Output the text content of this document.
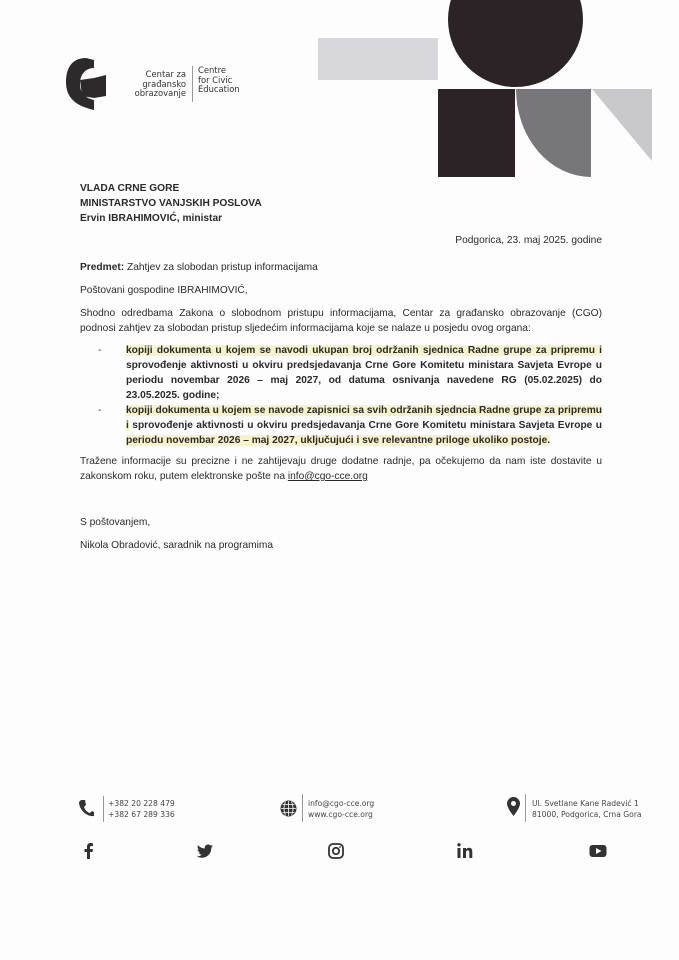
Centar za
građansko
obrazovanje
Centre
for Civic
Education
VLADA CRNE GORE
MINISTARSTVO VANJSKIH POSLOVA
Ervin IBRAHIMOVIĆ, ministar
Podgorica, 23. maj 2025. godine
Predmet: Zahtjev za slobodan pristup informacijama
Poštovani gospodine IBRAHIMOVIĆ,
Shodno odredbama Zakona o slobodnom pristupu informacijama, Centar za građansko obrazovanje (CGO) podnosi zahtjev za slobodan pristup sljedećim informacijama koje se nalaze u posjedu ovog organa:
- kopiji dokumenta u kojem se navodi ukupan broj održanih sjednica Radne grupe za pripremu i sprovođenje aktivnosti u okviru predsjedavanja Crne Gore Komitetu ministara Savjeta Evrope u periodu novembar 2026 – maj 2027, od datuma osnivanja navedene RG (05.02.2025) do 23.05.2025. godine;
- kopiji dokumenta u kojem se navode zapisnici sa svih održanih sjedncia Radne grupe za pripremu i sprovođenje aktivnosti u okviru predsjedavanja Crne Gore Komitetu ministara Savjeta Evrope u periodu novembar 2026 – maj 2027, uključujući i sve relevantne priloge ukoliko postoje.
Tražene informacije su precizne i ne zahtijevaju druge dodatne radnje, pa očekujemo da nam iste dostavite u zakonskom roku, putem elektronske pošte na info@cgo-cce.org
S poštovanjem,
Nikola Obradović, saradnik na programima
+382 20 228 479
+382 67 289 336
info@cgo-cce.org
www.cgo-cce.org
Ul. Svetlane Kane Radević 1
81000, Podgorica, Crna Gora
